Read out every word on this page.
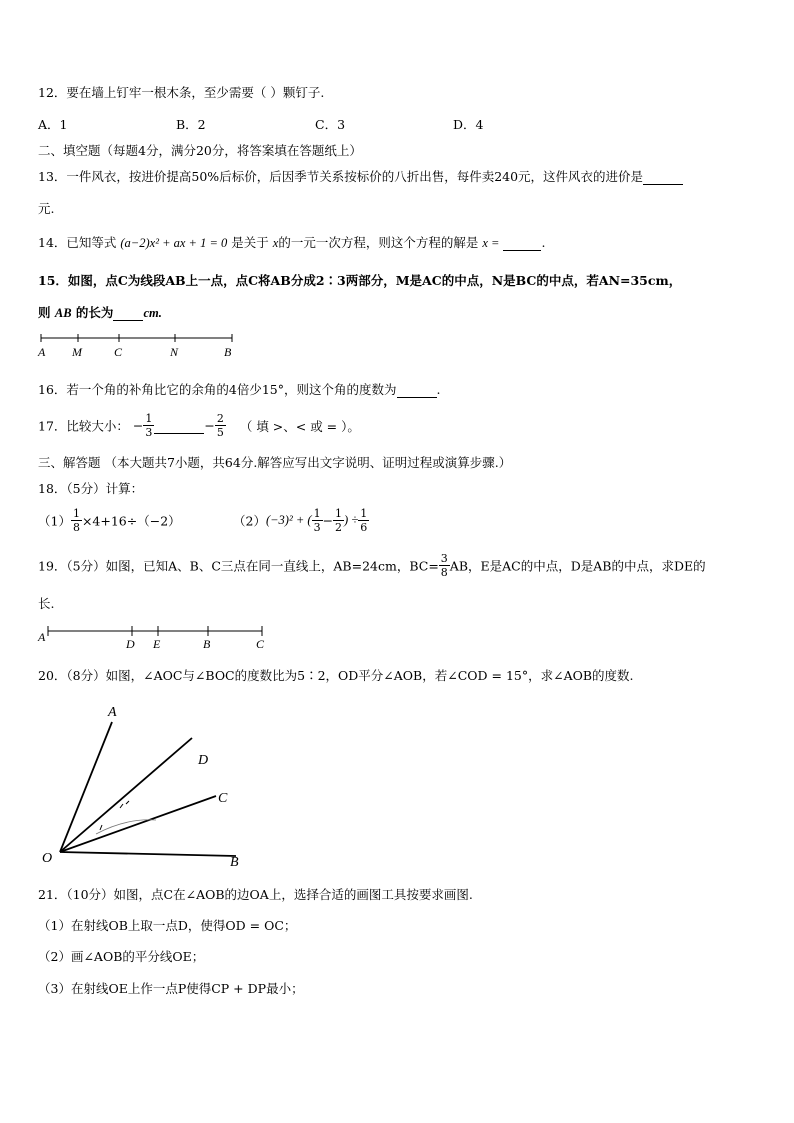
12．要在墙上钉牢一根木条，至少需要（ ）颗钉子.
A．1	B．2	C．3	D．4
二、填空题（每题4分，满分20分，将答案填在答题纸上）
13．一件风衣，按进价提高50%后标价，后因季节关系按标价的八折出售，每件卖240元，这件风衣的进价是
元.
14．已知等式 (a−2)x² + ax + 1 = 0 是关于 x的一元一次方程，则这个方程的解是 x =	.
15．如图，点C为线段AB上一点，点C将AB分成2∶3两部分，M是AC的中点，N是BC的中点，若AN=35cm，
则 AB 的长为 cm.
A M	C	N	B
16．若一个角的补角比它的余角的4倍少15°，则这个角的度数为	.
17．比较大小： − $\frac{1}{3}$	− $\frac{2}{5}$ （ 填 >、< 或 = ）。
三、解答题 （本大题共7小题，共64分.解答应写出文字说明、证明过程或演算步骤.）
18．（5分）计算：
$(1) \frac{1}{8} \times 4+16\div(-2)$	（2）(−3)² + ( $\frac{1}{3} - \frac{1}{2}$ ) ÷ $\frac{1}{6}$
19．（5分）如图，已知A、B、C三点在同一直线上，AB=24cm，$BC= \frac{3}{8}$ AB，E是AC的中点，D是AB的中点，求DE的
长.
A	D E	B	C
20．（8分）如图，∠AOC与∠BOC的度数比为5∶2，OD平分∠AOB，若∠COD = 15°，求∠AOB的度数.
A
D
C
O	B
21．（10分）如图，点C在∠AOB的边OA上，选择合适的画图工具按要求画图.
（1）在射线OB上取一点D，使得OD = OC；
（2）画∠AOB的平分线OE；
（3）在射线OE上作一点P使得CP + DP最小；
